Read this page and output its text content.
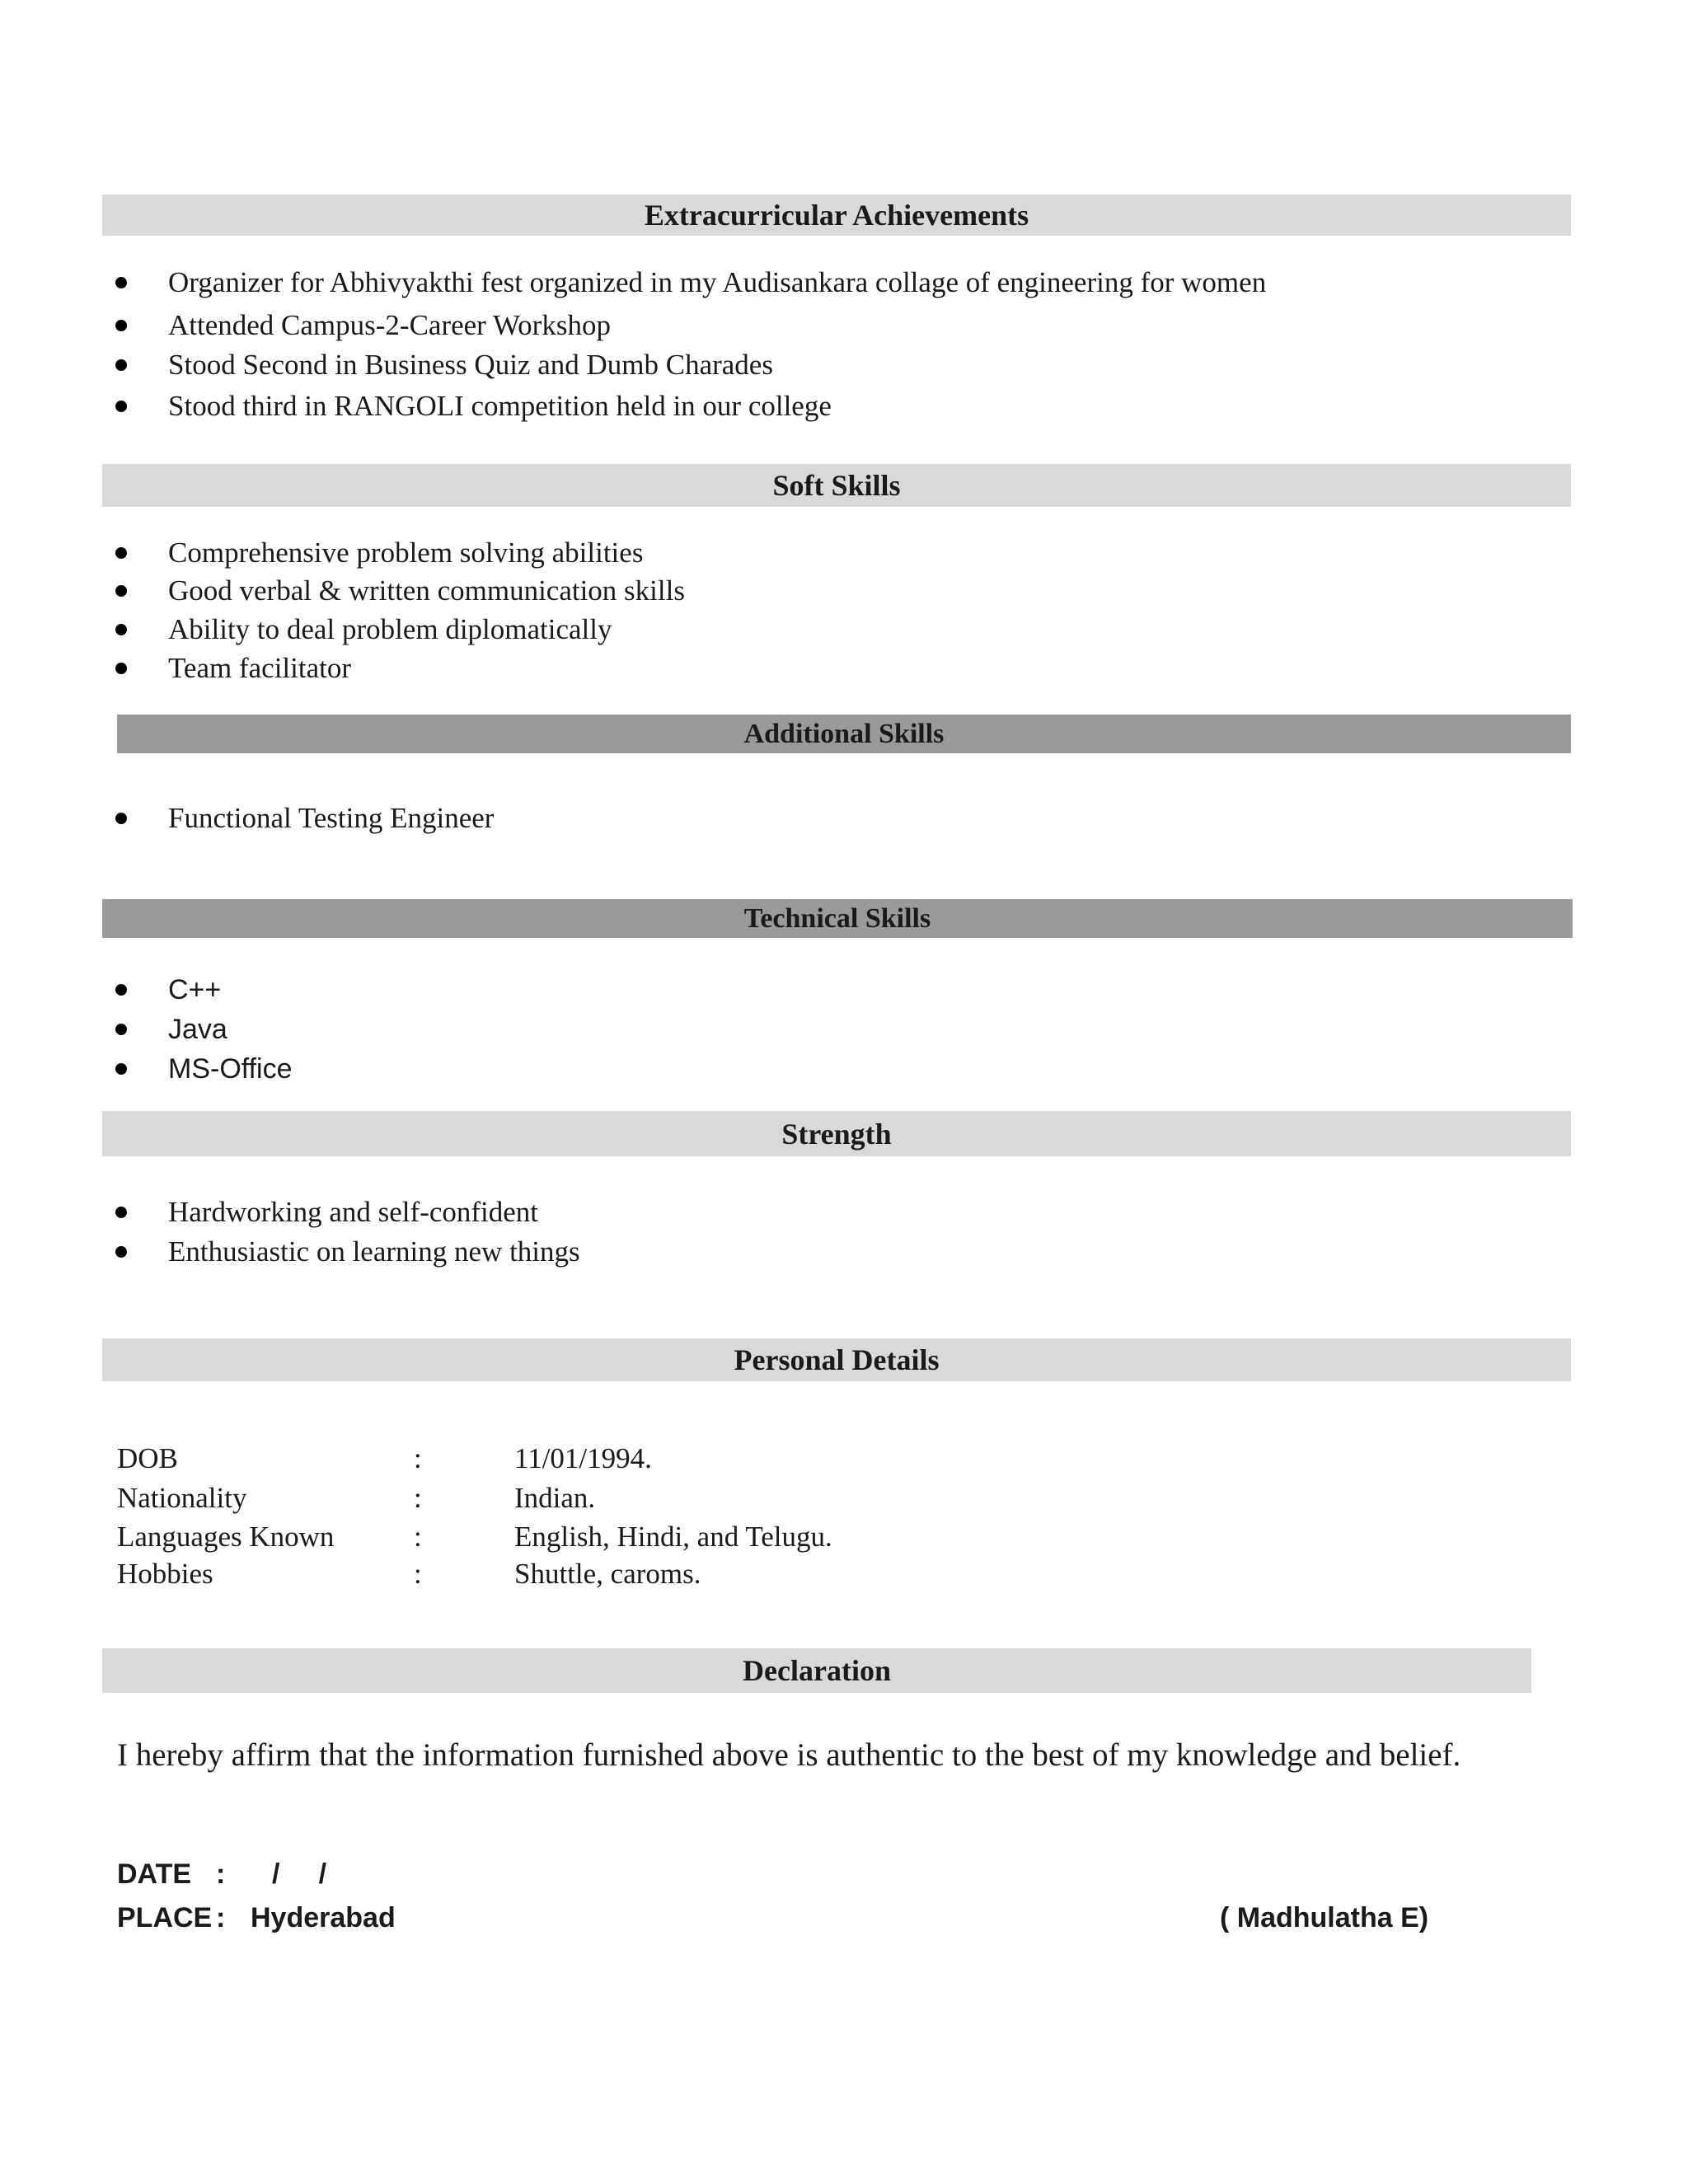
Extracurricular Achievements
Organizer for Abhivyakthi fest organized in my Audisankara collage of engineering for women
Attended Campus-2-Career Workshop
Stood Second in Business Quiz and Dumb Charades
Stood third in RANGOLI competition held in our college
Soft Skills
Comprehensive problem solving abilities
Good verbal & written communication skills
Ability to deal problem diplomatically
Team facilitator
Additional Skills
Functional Testing Engineer
Technical Skills
C++
Java
MS-Office
Strength
Hardworking and self-confident
Enthusiastic on learning new things
Personal Details
DOB	:	11/01/1994.
Nationality	:	Indian.
Languages Known	:	English, Hindi, and Telugu.
Hobbies	:	Shuttle, caroms.
Declaration
I hereby affirm that the information furnished above is authentic to the best of my knowledge and belief.
DATE : /     /
PLACE : Hyderabad	( Madhulatha E)
